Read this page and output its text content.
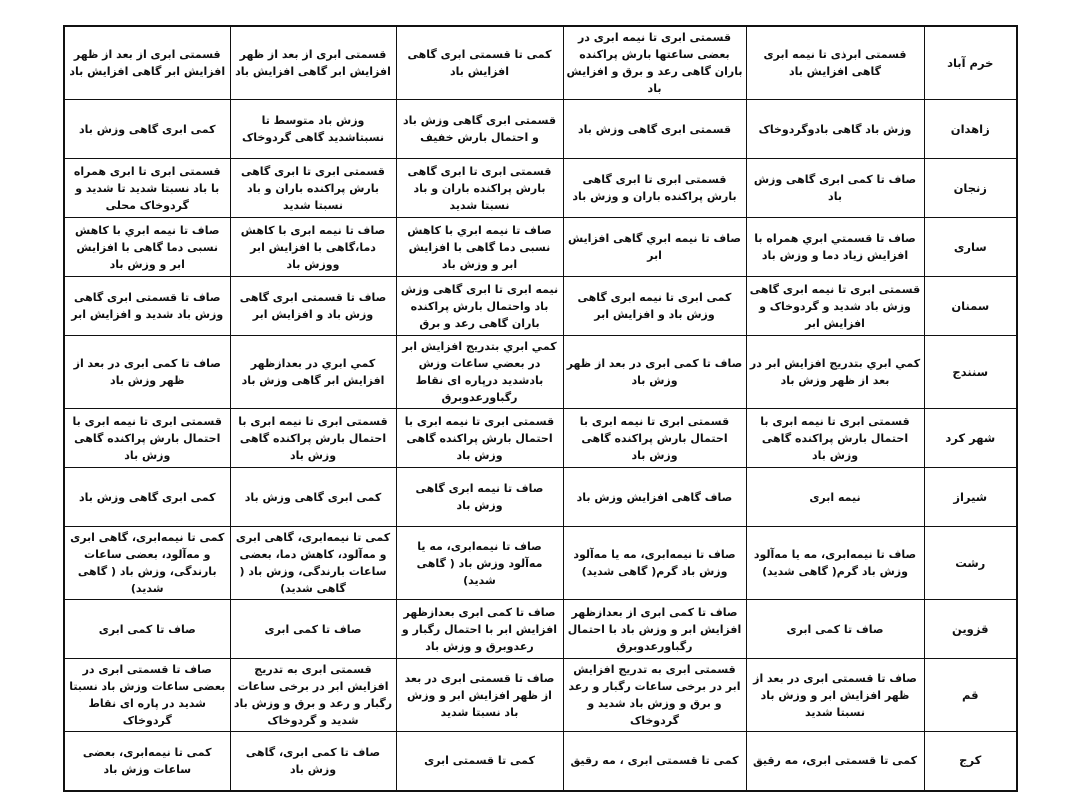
خرم آباد	قسمتی ابرذی تا نیمه ابری گاهی افزایش باد	قسمتی ابری تا نیمه ابری در بعضی ساعتها بارش پراکنده باران گاهی رعد و برق و افزایش باد	کمی تا قسمتی ابری گاهی افزایش باد	قسمتی ابری از بعد از ظهر افزایش ابر گاهی افزایش باد	قسمتی ابری از بعد از ظهر افزایش ابر گاهی افزایش باد
زاهدان	وزش باد گاهی بادوگردوخاک	قسمتی ابری گاهی وزش باد	قسمتی ابری گاهی وزش باد و احتمال بارش خفیف	وزش باد متوسط تا نسبتاشدید گاهی گردوخاک	کمی ابری گاهی وزش باد
زنجان	صاف تا کمی ابری گاهی وزش باد	قسمتی ابری تا ابری گاهی بارش پراکنده باران و وزش باد	قسمتی ابری تا ابری گاهی بارش پراکنده باران و باد نسبتا شدید	قسمتی ابری تا ابری گاهی بارش پراکنده باران و باد نسبتا شدید	قسمتی ابری تا ابری همراه با باد نسبتا شدید تا شدید و گردوخاک محلی
ساری	صاف تا قسمتي ابري همراه با افزايش زياد دما و وزش باد	صاف تا نیمه ابري گاهی افزایش ابر	صاف تا نیمه ابري با کاهش نسبی دما گاهی با افزایش ابر و وزش باد	صاف تا نیمه ابری با کاهش دما،گاهی با افزایش ابر ووزش باد	صاف تا نیمه ابري با کاهش نسبی دما گاهی با افزایش ابر و وزش باد
سمنان	قسمتی ابری تا نیمه ابری گاهی وزش باد شدید و گردوخاک و افزایش ابر	کمی ابری تا نیمه ابری گاهی وزش باد و افزایش ابر	نیمه ابری تا ابری گاهی وزش باد واحتمال بارش پراکنده باران گاهی رعد و برق	صاف تا قسمتی ابری گاهی وزش باد و افزایش ابر	صاف تا قسمتی ابری گاهی وزش باد شدید و افزایش ابر
سنندج	كمي ابري بتدريج افزايش ابر در بعد از ظهر وزش باد	صاف تا کمی ابری در بعد از ظهر وزش باد	كمي ابري بتدريج افزايش ابر در بعضي ساعات وزش بادشديد درپاره ای نقاط رگباورعدوبرق	كمي ابري در بعدازظهر افزايش ابر گاهی وزش باد	صاف تا کمی ابری در بعد از ظهر وزش باد
شهر کرد	قسمتی ابری تا نیمه ابری با احتمال بارش پراکنده گاهی وزش باد	قسمتی ابری تا نیمه ابری با احتمال بارش پراکنده گاهی وزش باد	قسمتی ابری تا نیمه ابری با احتمال بارش پراکنده گاهی وزش باد	قسمتی ابری تا نیمه ابری با احتمال بارش پراکنده گاهی وزش باد	قسمتی ابری تا نیمه ابری با احتمال بارش پراکنده گاهی وزش باد
شیراز	نیمه ابری	صاف گاهی افزایش وزش باد	صاف تا نیمه ابری گاهی وزش باد	کمی ابری گاهی وزش باد	کمی ابری گاهی وزش باد
رشت	صاف تا نیمه‌ابری، مه یا مه‌آلود وزش باد گرم( گاهی شدید)	صاف تا نیمه‌ابری، مه یا مه‌آلود وزش باد گرم( گاهی شدید)	صاف تا نیمه‌ابری، مه یا مه‌آلود وزش باد ( گاهی شدید)	کمی تا نیمه‌ابری، گاهی ابری و مه‌آلود، کاهش دما، بعضی ساعات بارندگی، وزش باد ( گاهی شدید)	کمی تا نیمه‌ابری، گاهی ابری و مه‌آلود، بعضی ساعات بارندگی، وزش باد ( گاهی شدید)
قزوین	صاف تا کمی ابری	صاف تا کمی ابری از بعدازظهر افزایش ابر و وزش باد با احتمال رگباورعدوبرق	صاف تا کمی ابری بعدازظهر افزایش ابر با احتمال رگبار و رعدوبرق و وزش باد	صاف تا کمی ابری	صاف تا کمی ابری
قم	صاف تا قسمتی ابری در بعد از ظهر افزایش ابر و وزش باد نسبتا شدید	قسمتی ابری به تدریج افزایش ابر در برخی ساعات رگبار و رعد و برق و وزش باد شدید و گردوخاک	صاف تا قسمتی ابری در بعد از ظهر افزایش ابر و وزش باد نسبتا شدید	قسمتی ابری به تدریج افزایش ابر در برخی ساعات رگبار و رعد و برق و وزش باد شدید و گردوخاک	صاف تا قسمتی ابری در بعضی ساعات وزش باد نسبتا شدید در پاره ای نقاط گردوخاک
کرج	کمی تا قسمتی ابری، مه رقیق	کمی تا قسمتی ابری ، مه رقیق	کمی تا قسمتی ابری	صاف تا کمی ابری، گاهی وزش باد	کمی تا نیمه‌ابری، بعضی ساعات وزش باد
